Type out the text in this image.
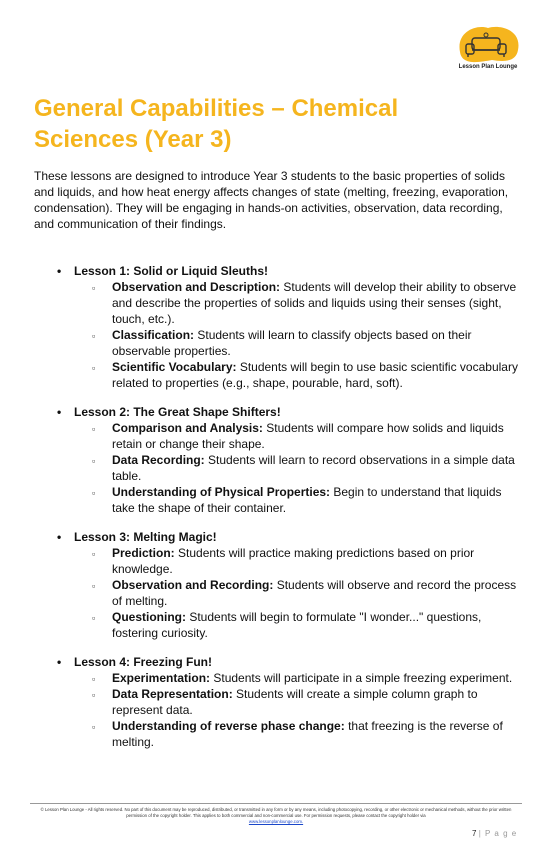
Lesson Plan Lounge
General Capabilities – Chemical Sciences (Year 3)

These lessons are designed to introduce Year 3 students to the basic properties of solids and liquids, and how heat energy affects changes of state (melting, freezing, evaporation, condensation). They will be engaging in hands-on activities, observation, data recording, and communication of their findings.

• Lesson 1: Solid or Liquid Sleuths!
▫ Observation and Description: Students will develop their ability to observe and describe the properties of solids and liquids using their senses (sight, touch, etc.).
▫ Classification: Students will learn to classify objects based on their observable properties.
▫ Scientific Vocabulary: Students will begin to use basic scientific vocabulary related to properties (e.g., shape, pourable, hard, soft).
• Lesson 2: The Great Shape Shifters!
▫ Comparison and Analysis: Students will compare how solids and liquids retain or change their shape.
▫ Data Recording: Students will learn to record observations in a simple data table.
▫ Understanding of Physical Properties: Begin to understand that liquids take the shape of their container.
• Lesson 3: Melting Magic!
▫ Prediction: Students will practice making predictions based on prior knowledge.
▫ Observation and Recording: Students will observe and record the process of melting.
▫ Questioning: Students will begin to formulate "I wonder..." questions, fostering curiosity.
• Lesson 4: Freezing Fun!
▫ Experimentation: Students will participate in a simple freezing experiment.
▫ Data Representation: Students will create a simple column graph to represent data.
▫ Understanding of reverse phase change: that freezing is the reverse of melting.
© Lesson Plan Lounge - All rights reserved. No part of this document may be reproduced, distributed, or transmitted in any form or by any means, including photocopying, recording, or other electronic or mechanical methods, without the prior written permission of the copyright holder. This applies to both commercial and non-commercial use. For permission requests, please contact the copyright holder via
www.lessonplanlounge.com.
7 | P a g e
